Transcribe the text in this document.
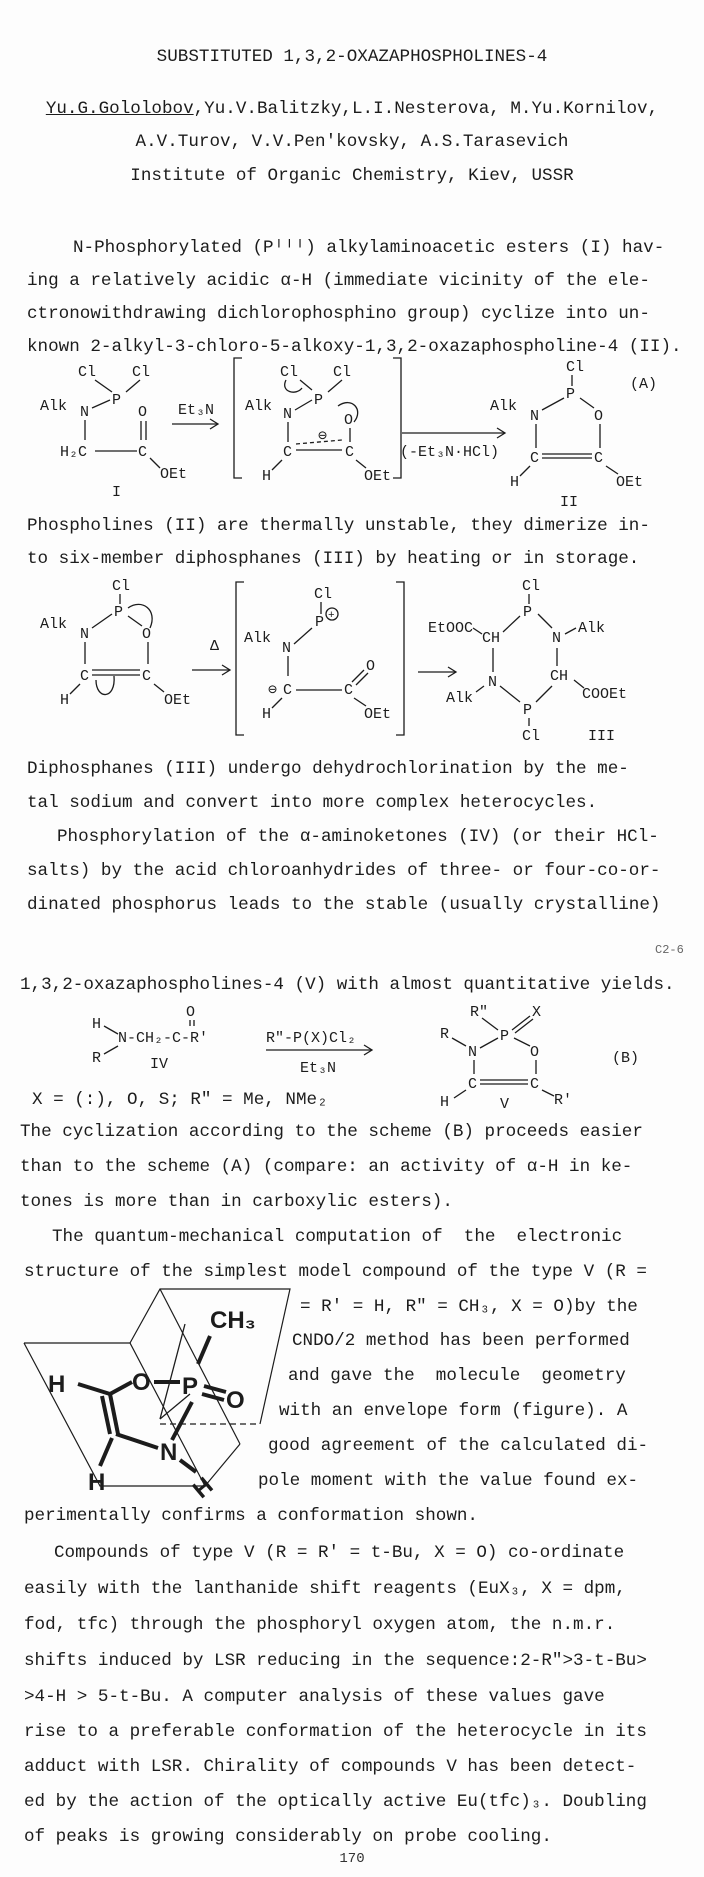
SUBSTITUTED 1,3,2-OXAZAPHOSPHOLINES-4
Yu.G.Gololobov,Yu.V.Balitzky,L.I.Nesterova, M.Yu.Kornilov,
A.V.Turov, V.V.Pen'kovsky, A.S.Tarasevich
Institute of Organic Chemistry, Kiev, USSR
N-Phosphorylated (Pᴵᴵᴵ) alkylaminoacetic esters (I) hav-
ing a relatively acidic α-H (immediate vicinity of the ele-
ctronowithdrawing dichlorophosphino group) cyclize into un-
known 2-alkyl-3-chloro-5-alkoxy-1,3,2-oxazaphospholine-4 (II).
Cl Cl
P
Alk N	O
H₂C	C
OEt
I
Et₃N
Cl Cl
P
Alk N	O
⊖
C	C
H	OEt
(-Et₃N·HCl)
Cl
P
(A)
Alk
N	O
C	C
H	OEt
II
Phospholines (II) are thermally unstable, they dimerize in-
to six-member diphosphanes (III) by heating or in storage.
Cl
P
Alk
N	O
C	C
H	OEt
Δ
Cl
P +
Alk
N
⊖ C	C
O
H	OEt
Cl
P
EtOOC
CH	N
Alk
N	CH
COOEt
Alk
P
Cl	III
Diphosphanes (III) undergo dehydrochlorination by the me-
tal sodium and convert into more complex heterocycles.
Phosphorylation of the α-aminoketones (IV) (or their HCl-
salts) by the acid chloroanhydrides of three- or four-co-or-
dinated phosphorus leads to the stable (usually crystalline)
C2-6
1,3,2-oxazaphospholines-4 (V) with almost quantitative yields.
O
H
N-CH₂-C-R'
R	IV
R"-P(X)Cl₂
Et₃N
R"	X
R	P
N	O
C	C
H	R'
V
(B)
X = (:), O, S; R" = Me, NMe₂
The cyclization according to the scheme (B) proceeds easier
than to the scheme (A) (compare: an activity of α-H in ke-
tones is more than in carboxylic esters).
The quantum-mechanical computation of  the  electronic
structure of the simplest model compound of the type V (R =
CH₃
H	O P
O
N
H	H
= R' = H, R" = CH₃, X = O)by the
CNDO/2 method has been performed
and gave the  molecule  geometry
with an envelope form (figure). A
good agreement of the calculated di-
pole moment with the value found ex-
perimentally confirms a conformation shown.
Compounds of type V (R = R' = t-Bu, X = O) co-ordinate
easily with the lanthanide shift reagents (EuX₃, X = dpm,
fod, tfc) through the phosphoryl oxygen atom, the n.m.r.
shifts induced by LSR reducing in the sequence:2-R">3-t-Bu>
>4-H > 5-t-Bu. A computer analysis of these values gave
rise to a preferable conformation of the heterocycle in its
adduct with LSR. Chirality of compounds V has been detect-
ed by the action of the optically active Eu(tfc)₃. Doubling
of peaks is growing considerably on probe cooling.
170
